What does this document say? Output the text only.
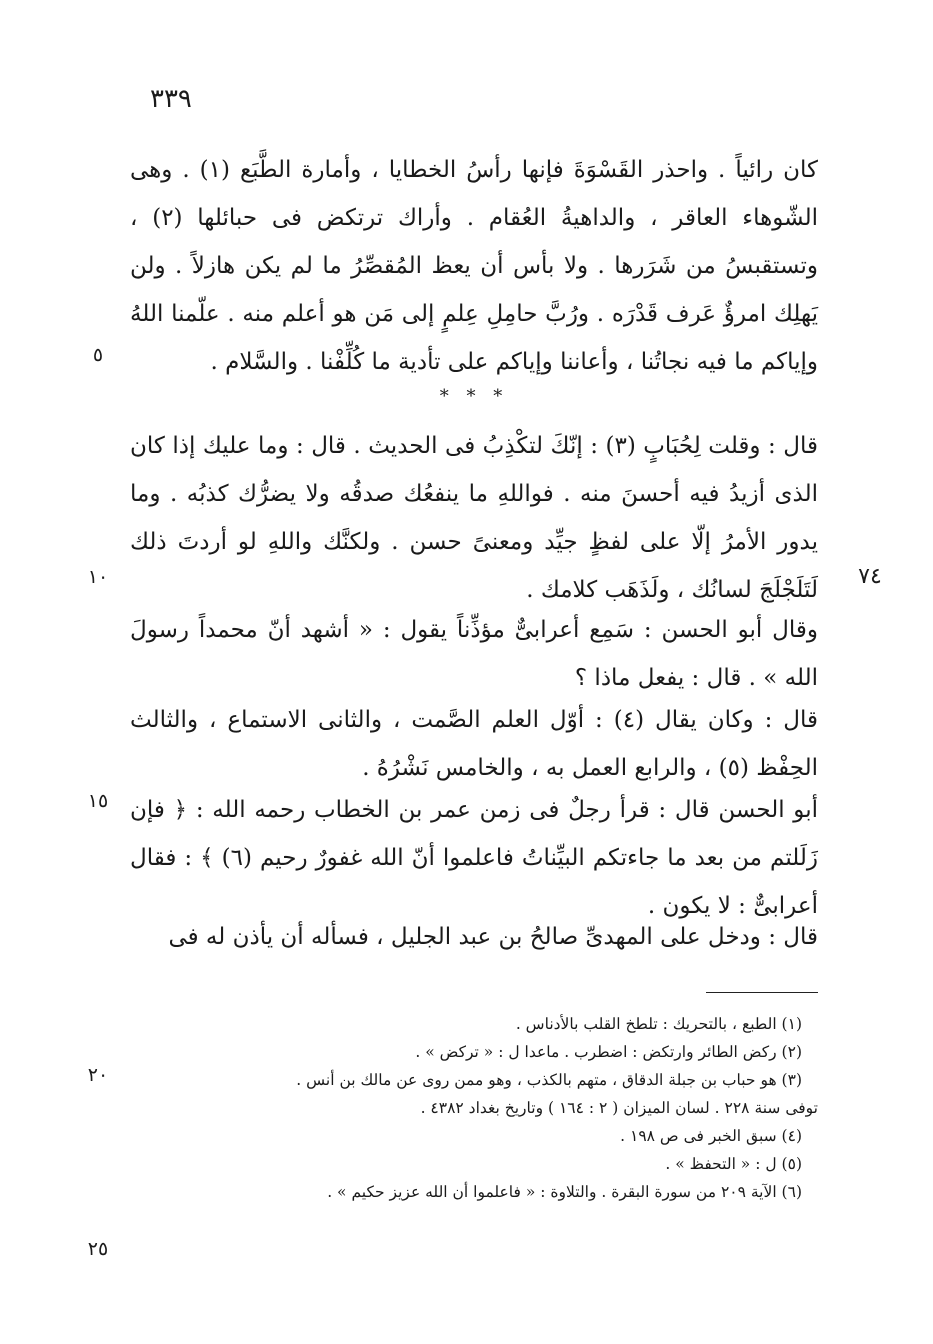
٣٣٩

كان رائياً . واحذر القَسْوَةَ فإنها رأسُ الخطايا ، وأمارة الطَّبَع (١) . وهى الشّوهاء العاقر ، والداهيةُ العُقام . وأراك ترتكض فى حبائلها (٢) ، وتستقبسُ من شَرَرها . ولا بأس أن يعظ المُقصِّرُ ما لم يكن هازلاً . ولن يَهلِك امرؤٌ عَرف قَدْرَه . ورُبَّ حامِلِ عِلمٍ إلى مَن هو أعلم منه . علّمنا اللهُ وإياكم ما فيه نجاتُنا ، وأعاننا وإياكم على تأدية ما كُلِّفْنا . والسَّلام .

* * *

قال : وقلت لِحُبَابٍ (٣) : إنّكَ لتكْذِبُ فى الحديث . قال : وما عليك إذا كان الذى أزيدُ فيه أحسنَ منه . فواللهِ ما ينفعُك صدقُه ولا يضرُّك كذبُه . وما يدور الأمرُ إلّا على لفظٍ جيِّد ومعنىً حسن . ولكنَّك واللهِ لو أردتَ ذلك لَتَلَجْلَجَ لسانُك ، ولَذَهَب كلامك .

وقال أبو الحسن : سَمِع أعرابىٌّ مؤذِّناً يقول : « أشهد أنّ محمداً رسولَ الله » . قال : يفعل ماذا ؟

قال : وكان يقال (٤) : أوّل العلم الصَّمت ، والثانى الاستماع ، والثالث الحِفْظ (٥) ، والرابع العمل به ، والخامس نَشْرُهُ .

أبو الحسن قال : قرأ رجلٌ فى زمن عمر بن الخطاب رحمه الله : ﴿ فإن زَلَلتم من بعد ما جاءتكم البيِّناتُ فاعلموا أنّ الله غفورٌ رحيم (٦) ﴾ : فقال أعرابىٌّ : لا يكون .

قال : ودخل على المهدىِّ صالحُ بن عبد الجليل ، فسأله أن يأذن له فى

٥
١٠
١٥
٢٠
٢٥
٧٤

(١) الطبع ، بالتحريك : تلطخ القلب بالأدناس .

(٢) ركض الطائر وارتكض : اضطرب . ماعدا ل : « تركض » .

(٣) هو حباب بن جبلة الدقاق ، متهم بالكذب ، وهو ممن روى عن مالك بن أنس .

توفى سنة ٢٢٨ . لسان الميزان ( ٢ : ١٦٤ ) وتاريخ بغداد ٤٣٨٢ .

(٤) سبق الخبر فى ص ١٩٨ .

(٥) ل : « التحفظ » .

(٦) الآية ٢٠٩ من سورة البقرة . والتلاوة : « فاعلموا أن الله عزيز حكيم » .
